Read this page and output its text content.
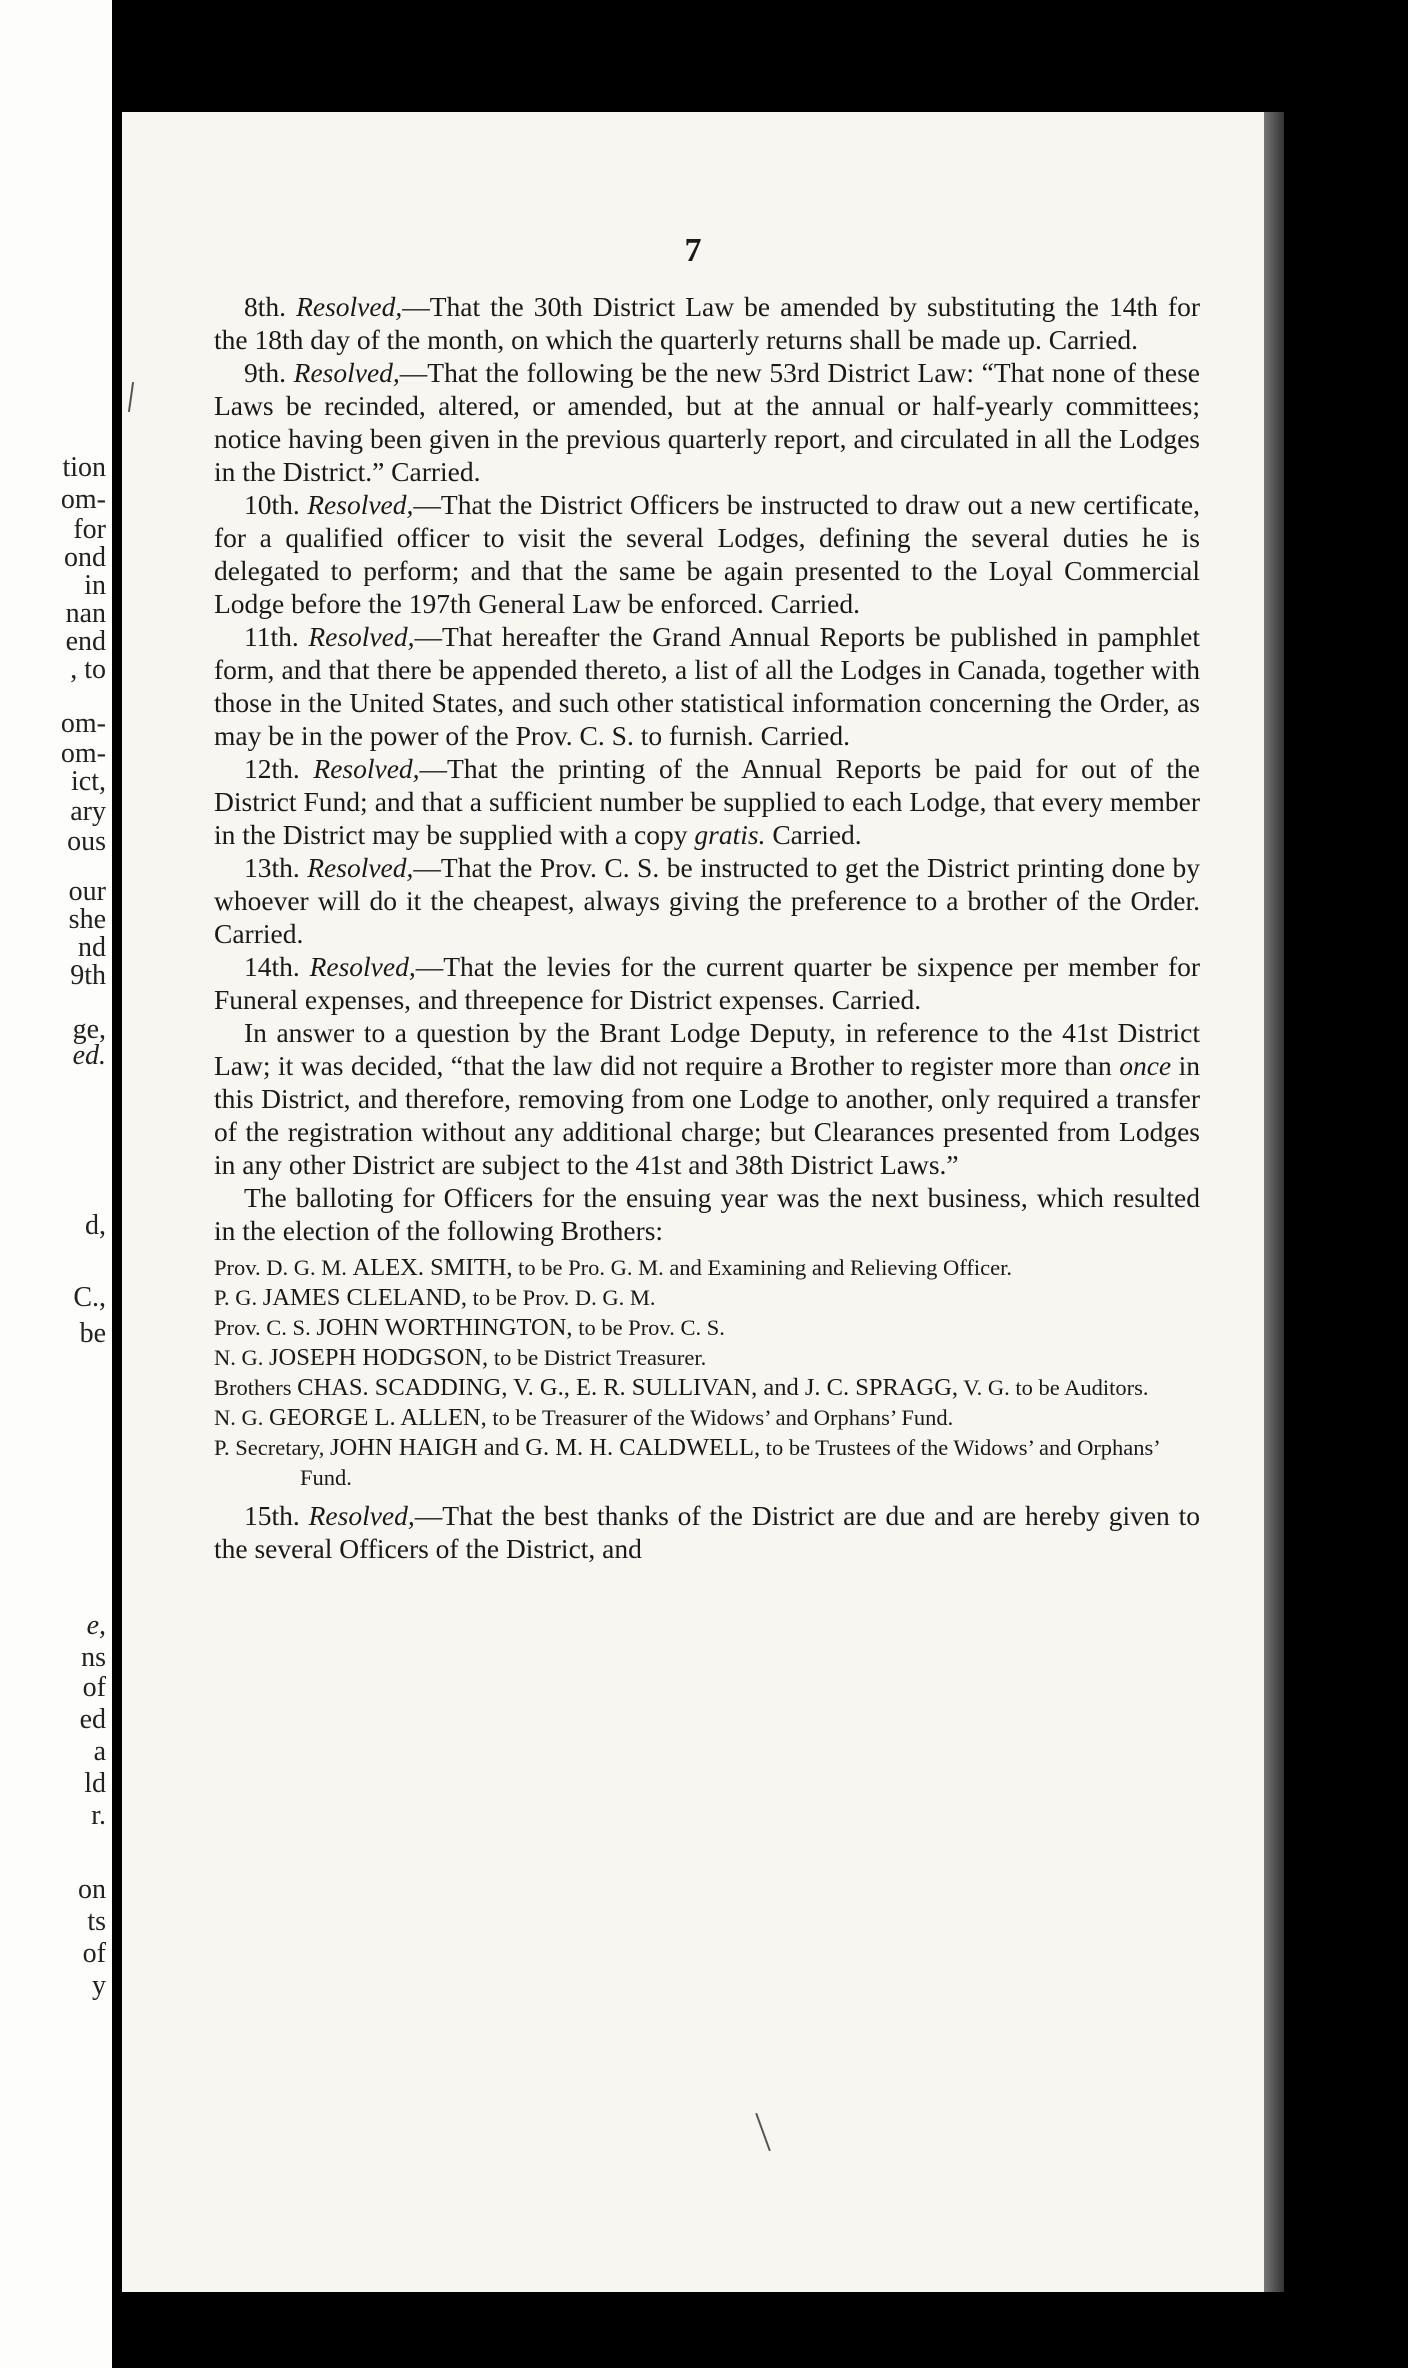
tion
om-
for
ond
in
nan
end
, to
om-
om-
ict,
ary
ous
our
she
nd
9th
ge,
ed.
d,
C.,
be
e,
ns
of
ed
a
ld
r.
on
ts
of
y
7

8th. Resolved,—That the 30th District Law be amended by substituting the 14th for the 18th day of the month, on which the quarterly returns shall be made up. Carried.

9th. Resolved,—That the following be the new 53rd District Law: “That none of these Laws be recinded, altered, or amended, but at the annual or half-yearly committees; notice having been given in the previous quarterly report, and circulated in all the Lodges in the District.” Carried.

10th. Resolved,—That the District Officers be instructed to draw out a new certificate, for a qualified officer to visit the several Lodges, defining the several duties he is delegated to perform; and that the same be again presented to the Loyal Commercial Lodge before the 197th General Law be enforced. Carried.

11th. Resolved,—That hereafter the Grand Annual Reports be published in pamphlet form, and that there be appended thereto, a list of all the Lodges in Canada, together with those in the United States, and such other statistical information concerning the Order, as may be in the power of the Prov. C. S. to furnish. Carried.

12th. Resolved,—That the printing of the Annual Reports be paid for out of the District Fund; and that a sufficient number be supplied to each Lodge, that every member in the District may be supplied with a copy gratis. Carried.

13th. Resolved,—That the Prov. C. S. be instructed to get the District printing done by whoever will do it the cheapest, always giving the preference to a brother of the Order. Carried.

14th. Resolved,—That the levies for the current quarter be sixpence per member for Funeral expenses, and threepence for District expenses. Carried.

In answer to a question by the Brant Lodge Deputy, in reference to the 41st District Law; it was decided, “that the law did not require a Brother to register more than once in this District, and therefore, removing from one Lodge to another, only required a transfer of the registration without any additional charge; but Clearances presented from Lodges in any other District are subject to the 41st and 38th District Laws.”

The balloting for Officers for the ensuing year was the next business, which resulted in the election of the following Brothers:

Prov. D. G. M. ALEX. SMITH, to be Pro. G. M. and Examining and Relieving Officer.
P. G. JAMES CLELAND, to be Prov. D. G. M.
Prov. C. S. JOHN WORTHINGTON, to be Prov. C. S.
N. G. JOSEPH HODGSON, to be District Treasurer.
Brothers CHAS. SCADDING, V. G., E. R. SULLIVAN, and J. C. SPRAGG, V. G. to be Auditors.
N. G. GEORGE L. ALLEN, to be Treasurer of the Widows’ and Orphans’ Fund.
P. Secretary, JOHN HAIGH and G. M. H. CALDWELL, to be Trustees of the Widows’ and Orphans’ Fund.

15th. Resolved,—That the best thanks of the District are due and are hereby given to the several Officers of the District, and
